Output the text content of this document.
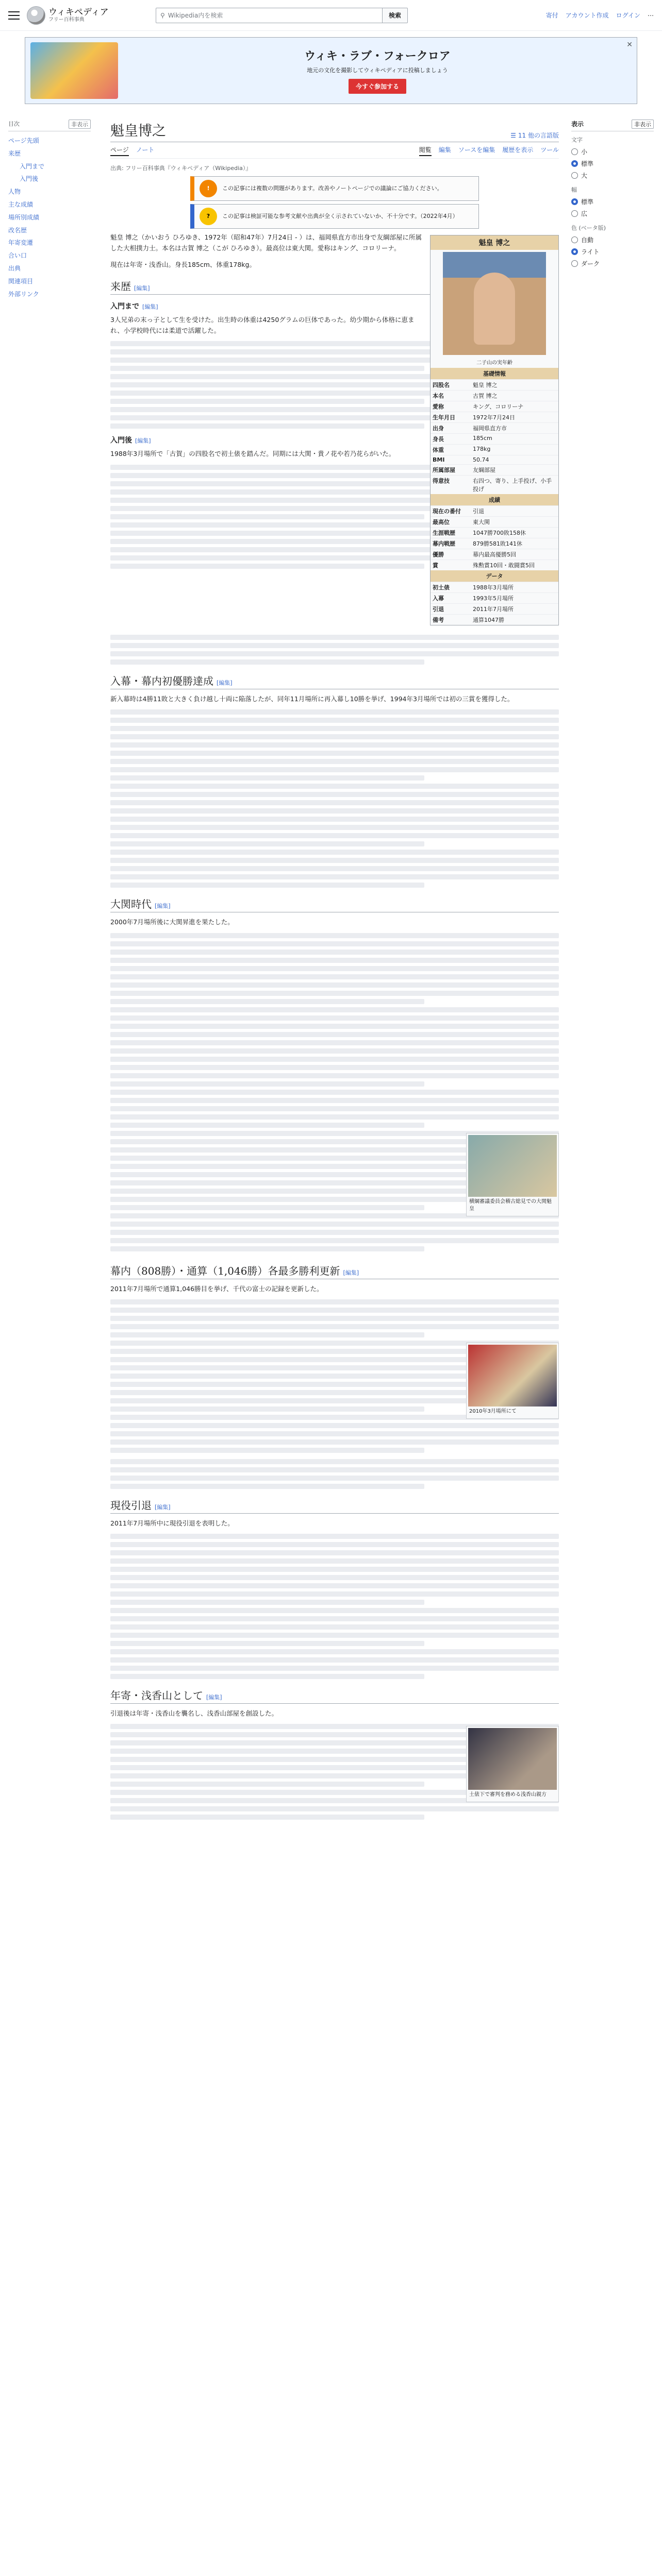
ウィキペディア
フリー百科事典
⚲ Wikipedia内を検索	検索	寄付 アカウント作成 ログイン ⋯
ウィキ・ラブ・フォークロア
地元の文化を撮影してウィキペディアに投稿しましょう
今すぐ参加する
✕
目次	非表示
ページ先頭
来歴
入門まで
入門後
人物
主な成績
場所別成績
改名歴
年寄変遷
合い口
出典
関連項目
外部リンク
表示	非表示
文字
小
標準
大
幅
標準
広
色 (ベータ版)
自動
ライト
ダーク
魁皇博之	☰ 11 他の言語版
ページ ノート	閲覧 編集 ソースを編集 履歴を表示 ツール
出典: フリー百科事典『ウィキペディア（Wikipedia）』
!	この記事には複数の問題があります。改善やノートページでの議論にご協力ください。
?	この記事は検証可能な参考文献や出典が全く示されていないか、不十分です。（2022年4月）
魁皇 博之
二子山の実年齢
基礎情報
四股名	魁皇 博之
本名	古賀 博之
愛称	キング、コロリーナ
生年月日	1972年7月24日
出身	福岡県直方市
身長	185cm
体重	178kg
BMI	50.74
所属部屋	友綱部屋
得意技	右四つ、寄り、上手投げ、小手投げ
成績
現在の番付	引退
最高位	東大関
生涯戦歴	1047勝700敗158休
幕内戦歴	879勝581敗141休
優勝	幕内最高優勝5回
賞	殊勲賞10回・敢闘賞5回
データ
初土俵	1988年3月場所
入幕	1993年5月場所
引退	2011年7月場所
備考	通算1047勝

魁皇 博之（かいおう ひろゆき、1972年（昭和47年）7月24日 - ）は、福岡県直方市出身で友綱部屋に所属した大相撲力士。本名は古賀 博之（こが ひろゆき）。最高位は東大関。愛称はキング、コロリーナ。

現在は年寄・浅香山。身長185cm、体重178kg。

来歴 [編集]
入門まで [編集]

3人兄弟の末っ子として生を受けた。出生時の体重は4250グラムの巨体であった。幼少期から体格に恵まれ、小学校時代には柔道で活躍した。

入門後 [編集]

1988年3月場所で「古賀」の四股名で初土俵を踏んだ。同期には大関・貴ノ花や若乃花らがいた。

入幕・幕内初優勝達成 [編集]

新入幕時は4勝11敗と大きく負け越し十両に陥落したが、同年11月場所に再入幕し10勝を挙げ、1994年3月場所では初の三賞を獲得した。

大関時代 [編集]

2000年7月場所後に大関昇進を果たした。

横綱審議委員会稽古総見での大関魁皇
幕内（808勝）・通算（1,046勝）各最多勝利更新 [編集]

2011年7月場所で通算1,046勝目を挙げ、千代の富士の記録を更新した。

2010年3月場所にて
現役引退 [編集]

2011年7月場所中に現役引退を表明した。

年寄・浅香山として [編集]

引退後は年寄・浅香山を襲名し、浅香山部屋を創設した。

土俵下で審判を務める浅香山親方
